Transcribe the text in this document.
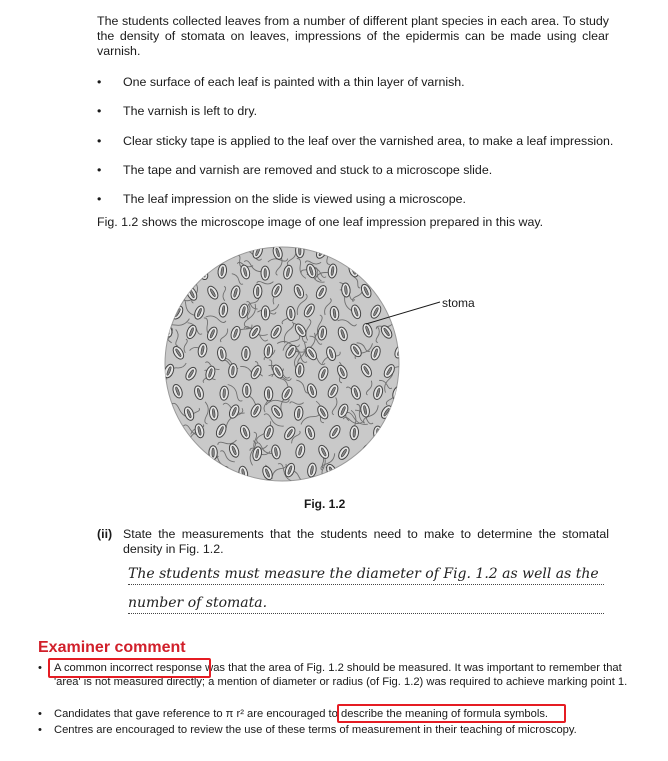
The students collected leaves from a number of different plant species in each area. To study the density of stomata on leaves, impressions of the epidermis can be made using clear varnish.
• One surface of each leaf is painted with a thin layer of varnish.
• The varnish is left to dry.
• Clear sticky tape is applied to the leaf over the varnished area, to make a leaf impression.
• The tape and varnish are removed and stuck to a microscope slide.
• The leaf impression on the slide is viewed using a microscope.
Fig. 1.2 shows the microscope image of one leaf impression prepared in this way.
stoma
Fig. 1.2
(ii) State the measurements that the students need to make to determine the stomatal density in Fig. 1.2.
The students must measure the diameter of Fig. 1.2 as well as the
number of stomata.
Examiner comment
• A common incorrect response was that the area of Fig. 1.2 should be measured. It was important to remember that 'area' is not measured directly; a mention of diameter or radius (of Fig. 1.2) was required to achieve marking point 1.
• Candidates that gave reference to π r² are encouraged to describe the meaning of formula symbols.
• Centres are encouraged to review the use of these terms of measurement in their teaching of microscopy.
